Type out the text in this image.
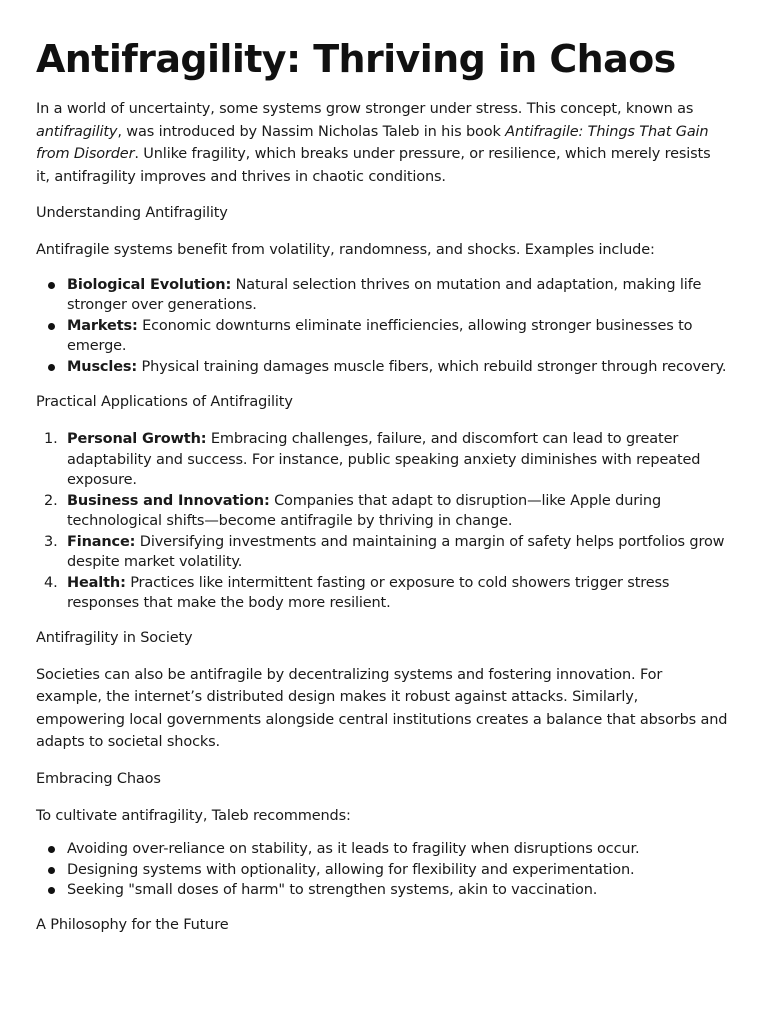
Antifragility: Thriving in Chaos

In a world of uncertainty, some systems grow stronger under stress. This concept, known as antifragility, was introduced by Nassim Nicholas Taleb in his book Antifragile: Things That Gain from Disorder. Unlike fragility, which breaks under pressure, or resilience, which merely resists it, antifragility improves and thrives in chaotic conditions.

Understanding Antifragility

Antifragile systems benefit from volatility, randomness, and shocks. Examples include:

Biological Evolution: Natural selection thrives on mutation and adaptation, making life stronger over generations.
Markets: Economic downturns eliminate inefficiencies, allowing stronger businesses to emerge.
Muscles: Physical training damages muscle fibers, which rebuild stronger through recovery.

Practical Applications of Antifragility

1. Personal Growth: Embracing challenges, failure, and discomfort can lead to greater adaptability and success. For instance, public speaking anxiety diminishes with repeated exposure.
2. Business and Innovation: Companies that adapt to disruption—like Apple during technological shifts—become antifragile by thriving in change.
3. Finance: Diversifying investments and maintaining a margin of safety helps portfolios grow despite market volatility.
4. Health: Practices like intermittent fasting or exposure to cold showers trigger stress responses that make the body more resilient.

Antifragility in Society

Societies can also be antifragile by decentralizing systems and fostering innovation. For example, the internet’s distributed design makes it robust against attacks. Similarly, empowering local governments alongside central institutions creates a balance that absorbs and adapts to societal shocks.

Embracing Chaos

To cultivate antifragility, Taleb recommends:

Avoiding over-reliance on stability, as it leads to fragility when disruptions occur.
Designing systems with optionality, allowing for flexibility and experimentation.
Seeking "small doses of harm" to strengthen systems, akin to vaccination.

A Philosophy for the Future
